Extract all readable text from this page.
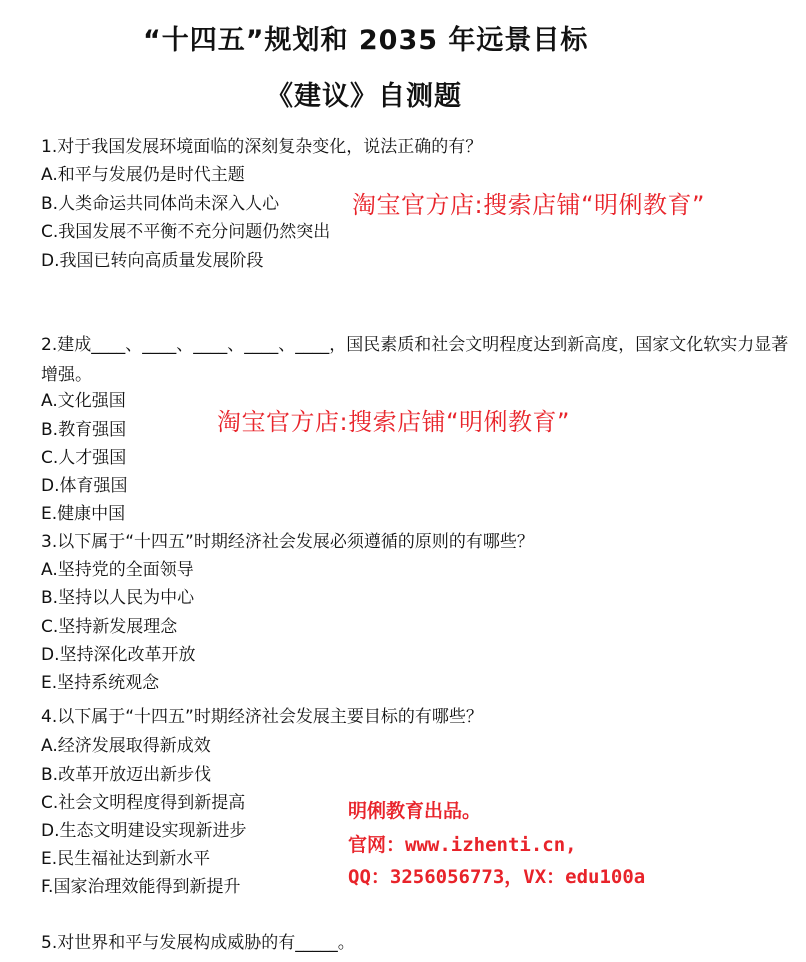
“十四五”规划和 2035 年远景目标
《建议》自测题
1.对于我国发展环境面临的深刻复杂变化，说法正确的有？
A.和平与发展仍是时代主题
B.人类命运共同体尚未深入人心
C.我国发展不平衡不充分问题仍然突出
D.我国已转向高质量发展阶段
2.建成____、____、____、____、____，国民素质和社会文明程度达到新高度，国家文化软实力显著增强。
A.文化强国
B.教育强国
C.人才强国
D.体育强国
E.健康中国
3.以下属于“十四五”时期经济社会发展必须遵循的原则的有哪些？
A.坚持党的全面领导
B.坚持以人民为中心
C.坚持新发展理念
D.坚持深化改革开放
E.坚持系统观念
4.以下属于“十四五”时期经济社会发展主要目标的有哪些？
A.经济发展取得新成效
B.改革开放迈出新步伐
C.社会文明程度得到新提高
D.生态文明建设实现新进步
E.民生福祉达到新水平
F.国家治理效能得到新提升
5.对世界和平与发展构成威胁的有_____。
淘宝官方店:搜索店铺“明俐教育”
淘宝官方店:搜索店铺“明俐教育”
明俐教育出品。
官网：www.izhenti.cn,
QQ：3256056773，VX：edu100a
